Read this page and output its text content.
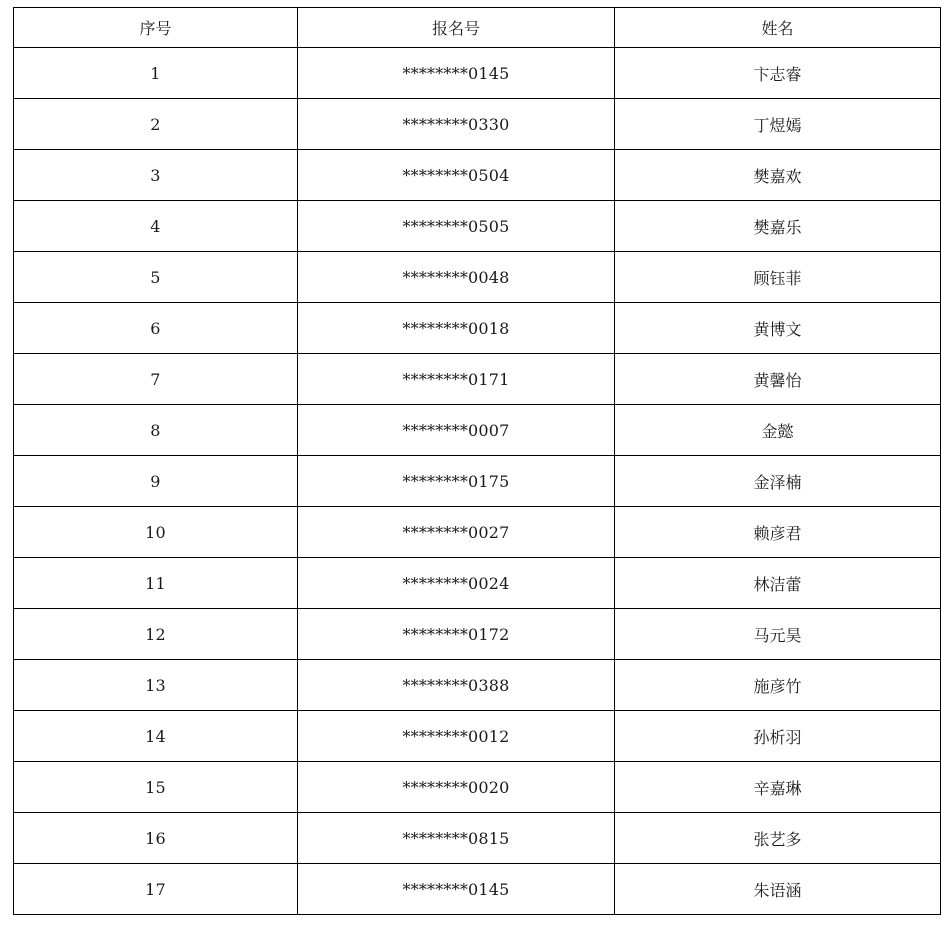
序号	报名号	姓名
1	********0145	卞志睿
2	********0330	丁煜嫣
3	********0504	樊嘉欢
4	********0505	樊嘉乐
5	********0048	顾钰菲
6	********0018	黄博文
7	********0171	黄馨怡
8	********0007	金懿
9	********0175	金泽楠
10	********0027	赖彦君
11	********0024	林洁蕾
12	********0172	马元昊
13	********0388	施彦竹
14	********0012	孙析羽
15	********0020	辛嘉琳
16	********0815	张艺多
17	********0145	朱语涵
